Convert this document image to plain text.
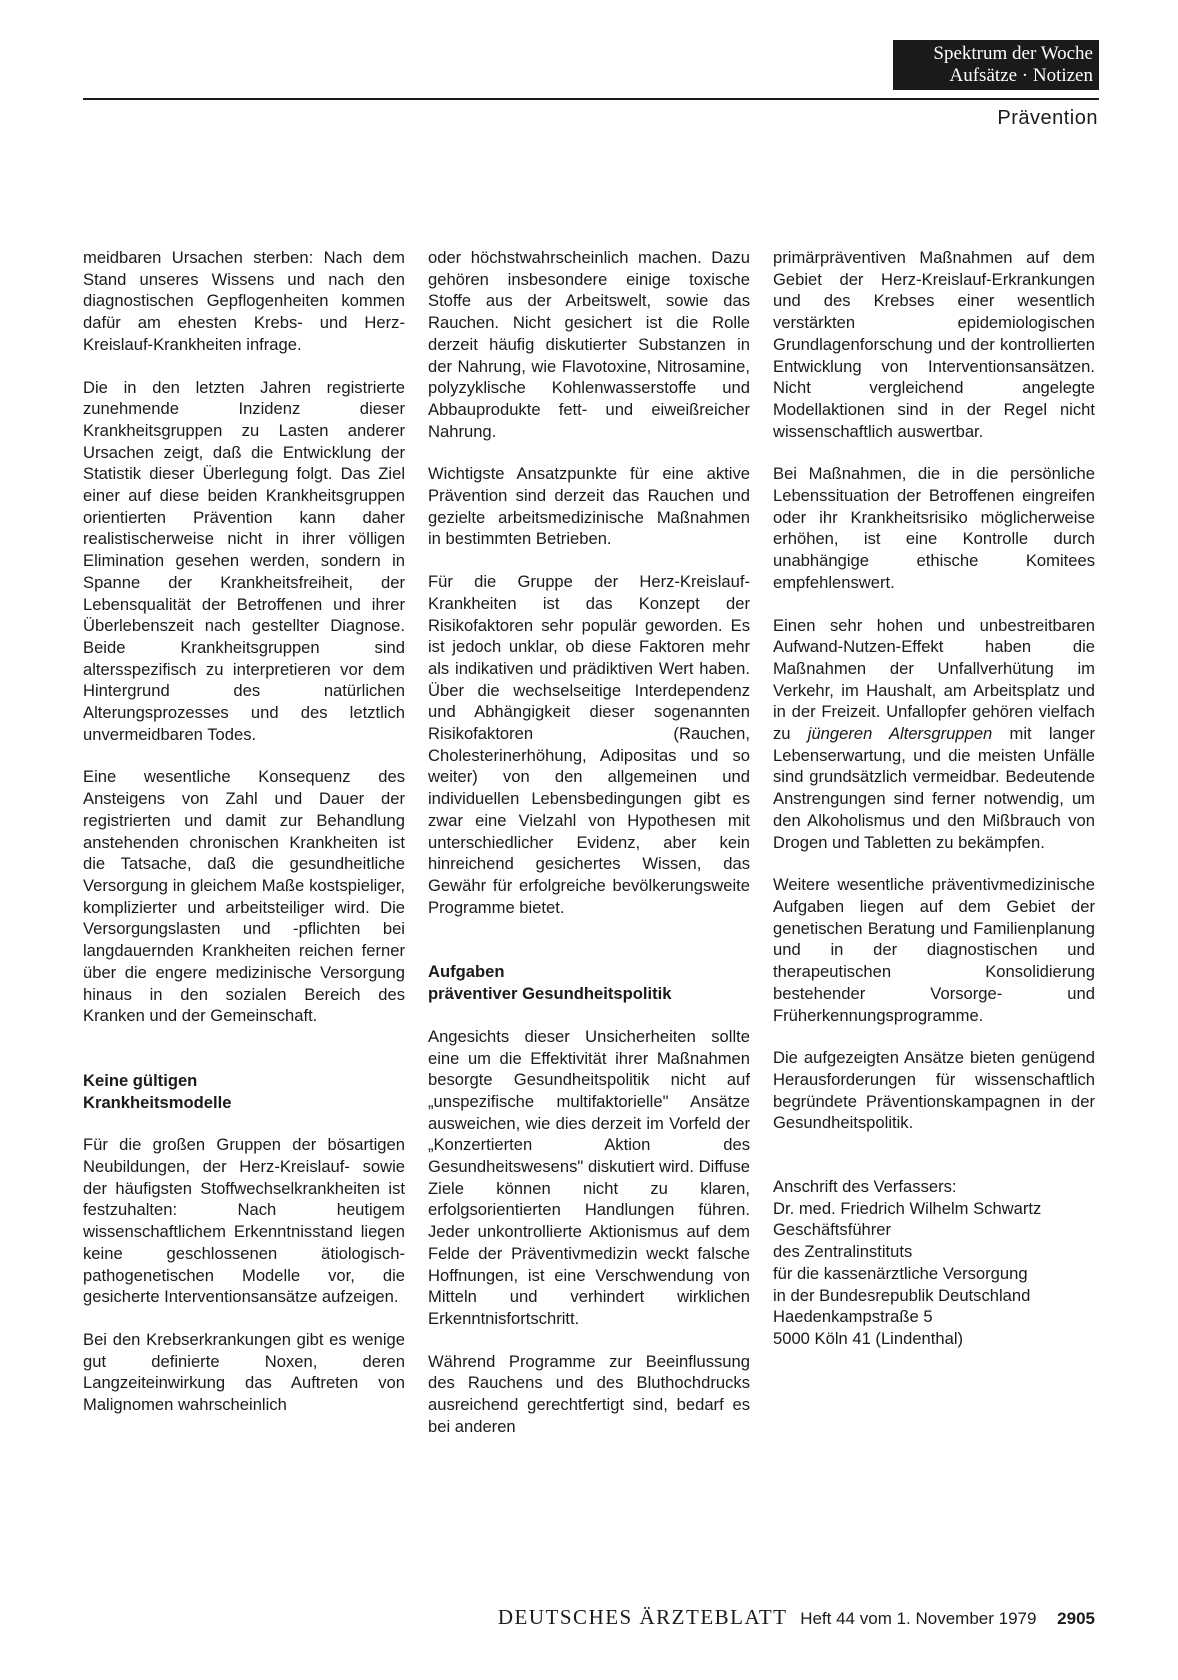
Spektrum der Woche
Aufsätze · Notizen
Prävention

meidbaren Ursachen sterben: Nach dem Stand unseres Wissens und nach den diagnostischen Gepflogenheiten kommen dafür am ehesten Krebs- und Herz-Kreislauf-Krankheiten infrage.

Die in den letzten Jahren registrierte zunehmende Inzidenz dieser Krankheitsgruppen zu Lasten anderer Ursachen zeigt, daß die Entwicklung der Statistik dieser Überlegung folgt. Das Ziel einer auf diese beiden Krankheitsgruppen orientierten Prävention kann daher realistischerweise nicht in ihrer völligen Elimination gesehen werden, sondern in Spanne der Krankheitsfreiheit, der Lebensqualität der Betroffenen und ihrer Überlebenszeit nach gestellter Diagnose. Beide Krankheitsgruppen sind altersspezifisch zu interpretieren vor dem Hintergrund des natürlichen Alterungsprozesses und des letztlich unvermeidbaren Todes.

Eine wesentliche Konsequenz des Ansteigens von Zahl und Dauer der registrierten und damit zur Behandlung anstehenden chronischen Krankheiten ist die Tatsache, daß die gesundheitliche Versorgung in gleichem Maße kostspieliger, komplizierter und arbeitsteiliger wird. Die Versorgungslasten und -pflichten bei langdauernden Krankheiten reichen ferner über die engere medizinische Versorgung hinaus in den sozialen Bereich des Kranken und der Gemeinschaft.

Keine gültigen
Krankheitsmodelle

Für die großen Gruppen der bösartigen Neubildungen, der Herz-Kreislauf- sowie der häufigsten Stoffwechselkrankheiten ist festzuhalten: Nach heutigem wissenschaftlichem Erkenntnisstand liegen keine geschlossenen ätiologisch-pathogenetischen Modelle vor, die gesicherte Interventionsansätze aufzeigen.

Bei den Krebserkrankungen gibt es wenige gut definierte Noxen, deren Langzeiteinwirkung das Auftreten von Malignomen wahrscheinlich

oder höchstwahrscheinlich machen. Dazu gehören insbesondere einige toxische Stoffe aus der Arbeitswelt, sowie das Rauchen. Nicht gesichert ist die Rolle derzeit häufig diskutierter Substanzen in der Nahrung, wie Flavotoxine, Nitrosamine, polyzyklische Kohlenwasserstoffe und Abbauprodukte fett- und eiweißreicher Nahrung.

Wichtigste Ansatzpunkte für eine aktive Prävention sind derzeit das Rauchen und gezielte arbeitsmedizinische Maßnahmen in bestimmten Betrieben.

Für die Gruppe der Herz-Kreislauf-Krankheiten ist das Konzept der Risikofaktoren sehr populär geworden. Es ist jedoch unklar, ob diese Faktoren mehr als indikativen und prädiktiven Wert haben. Über die wechselseitige Interdependenz und Abhängigkeit dieser sogenannten Risikofaktoren (Rauchen, Cholesterinerhöhung, Adipositas und so weiter) von den allgemeinen und individuellen Lebensbedingungen gibt es zwar eine Vielzahl von Hypothesen mit unterschiedlicher Evidenz, aber kein hinreichend gesichertes Wissen, das Gewähr für erfolgreiche bevölkerungsweite Programme bietet.

Aufgaben
präventiver Gesundheitspolitik

Angesichts dieser Unsicherheiten sollte eine um die Effektivität ihrer Maßnahmen besorgte Gesundheitspolitik nicht auf „unspezifische multifaktorielle" Ansätze ausweichen, wie dies derzeit im Vorfeld der „Konzertierten Aktion des Gesundheitswesens" diskutiert wird. Diffuse Ziele können nicht zu klaren, erfolgsorientierten Handlungen führen. Jeder unkontrollierte Aktionismus auf dem Felde der Präventivmedizin weckt falsche Hoffnungen, ist eine Verschwendung von Mitteln und verhindert wirklichen Erkenntnisfortschritt.

Während Programme zur Beeinflussung des Rauchens und des Bluthochdrucks ausreichend gerechtfertigt sind, bedarf es bei anderen

primärpräventiven Maßnahmen auf dem Gebiet der Herz-Kreislauf-Erkrankungen und des Krebses einer wesentlich verstärkten epidemiologischen Grundlagenforschung und der kontrollierten Entwicklung von Interventionsansätzen. Nicht vergleichend angelegte Modellaktionen sind in der Regel nicht wissenschaftlich auswertbar.

Bei Maßnahmen, die in die persönliche Lebenssituation der Betroffenen eingreifen oder ihr Krankheitsrisiko möglicherweise erhöhen, ist eine Kontrolle durch unabhängige ethische Komitees empfehlenswert.

Einen sehr hohen und unbestreitbaren Aufwand-Nutzen-Effekt haben die Maßnahmen der Unfallverhütung im Verkehr, im Haushalt, am Arbeitsplatz und in der Freizeit. Unfallopfer gehören vielfach zu jüngeren Altersgruppen mit langer Lebenserwartung, und die meisten Unfälle sind grundsätzlich vermeidbar. Bedeutende Anstrengungen sind ferner notwendig, um den Alkoholismus und den Mißbrauch von Drogen und Tabletten zu bekämpfen.

Weitere wesentliche präventivmedizinische Aufgaben liegen auf dem Gebiet der genetischen Beratung und Familienplanung und in der diagnostischen und therapeutischen Konsolidierung bestehender Vorsorge- und Früherkennungsprogramme.

Die aufgezeigten Ansätze bieten genügend Herausforderungen für wissenschaftlich begründete Präventionskampagnen in der Gesundheitspolitik.

Anschrift des Verfassers:
Dr. med. Friedrich Wilhelm Schwartz
Geschäftsführer
des Zentralinstituts
für die kassenärztliche Versorgung
in der Bundesrepublik Deutschland
Haedenkampstraße 5
5000 Köln 41 (Lindenthal)
DEUTSCHES ÄRZTEBLATT Heft 44 vom 1. November 1979 2905
